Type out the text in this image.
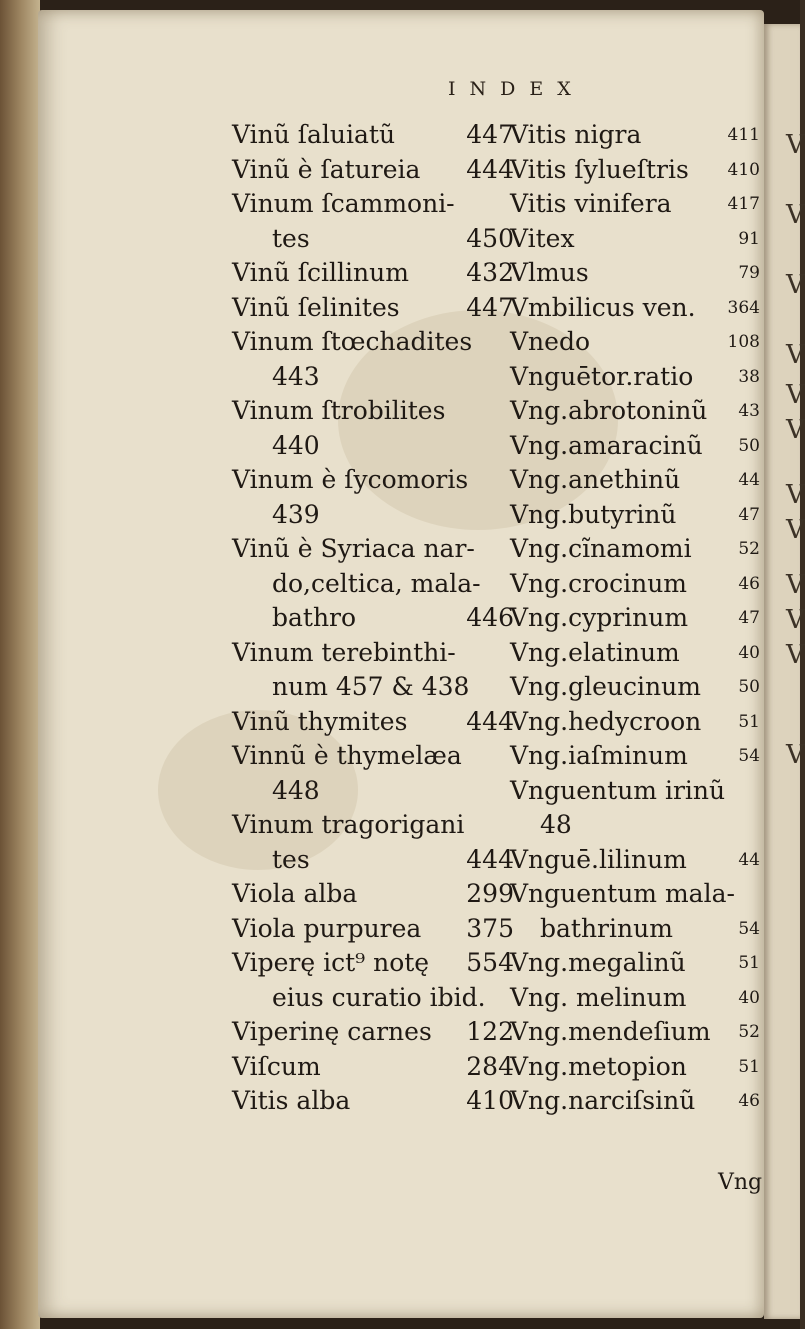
INDEX
Vinũ ſaluiatũ	447
Vinũ è ſatureia 444
Vinum ſcammoni-
tes	450
Vinũ ſcillinum 432
Vinũ ſelinites	447
Vinum ſtœchadites
443
Vinum ſtrobilites
440
Vinum è ſycomoris
439
Vinũ è Syriaca nar-
do,celtica, mala-
bathro	446
Vinum terebinthi-
num 457 & 438
Vinũ thymites 444
Vinnũ è thymelæa
448
Vinum tragorigani
tes	444
Viola alba	299
Viola purpurea 375
Viperę ict⁹ notę 554
eius curatio ibid.
Viperinę carnes 122
Viſcum	284
Vitis alba	410
Vitis nigra	411
Vitis ſylueſtris 410
Vitis vinifera	417
Vitex	91
Vlmus	79
Vmbilicus ven. 364
Vnedo	108
Vnguētor.ratio	38
Vng.abrotoninũ 43
Vng.amaracinũ 50
Vng.anethinũ	44
Vng.butyrinũ	47
Vng.cĩnamomi	52
Vng.crocinum	46
Vng.cyprinum	47
Vng.elatinum	40
Vng.gleucinum 50
Vng.hedycroon 51
Vng.iaſminum	54
Vnguentum irinũ
48
Vnguē.lilinum	44
Vnguentum mala-
bathrinum	54
Vng.megalinũ	51
Vng. melinum	40
Vng.mendeſium 52
Vng.metopion	51
Vng.narciſsinũ	46
Vng
V
V
V
V
V
V
V
V
V
V
V
V
